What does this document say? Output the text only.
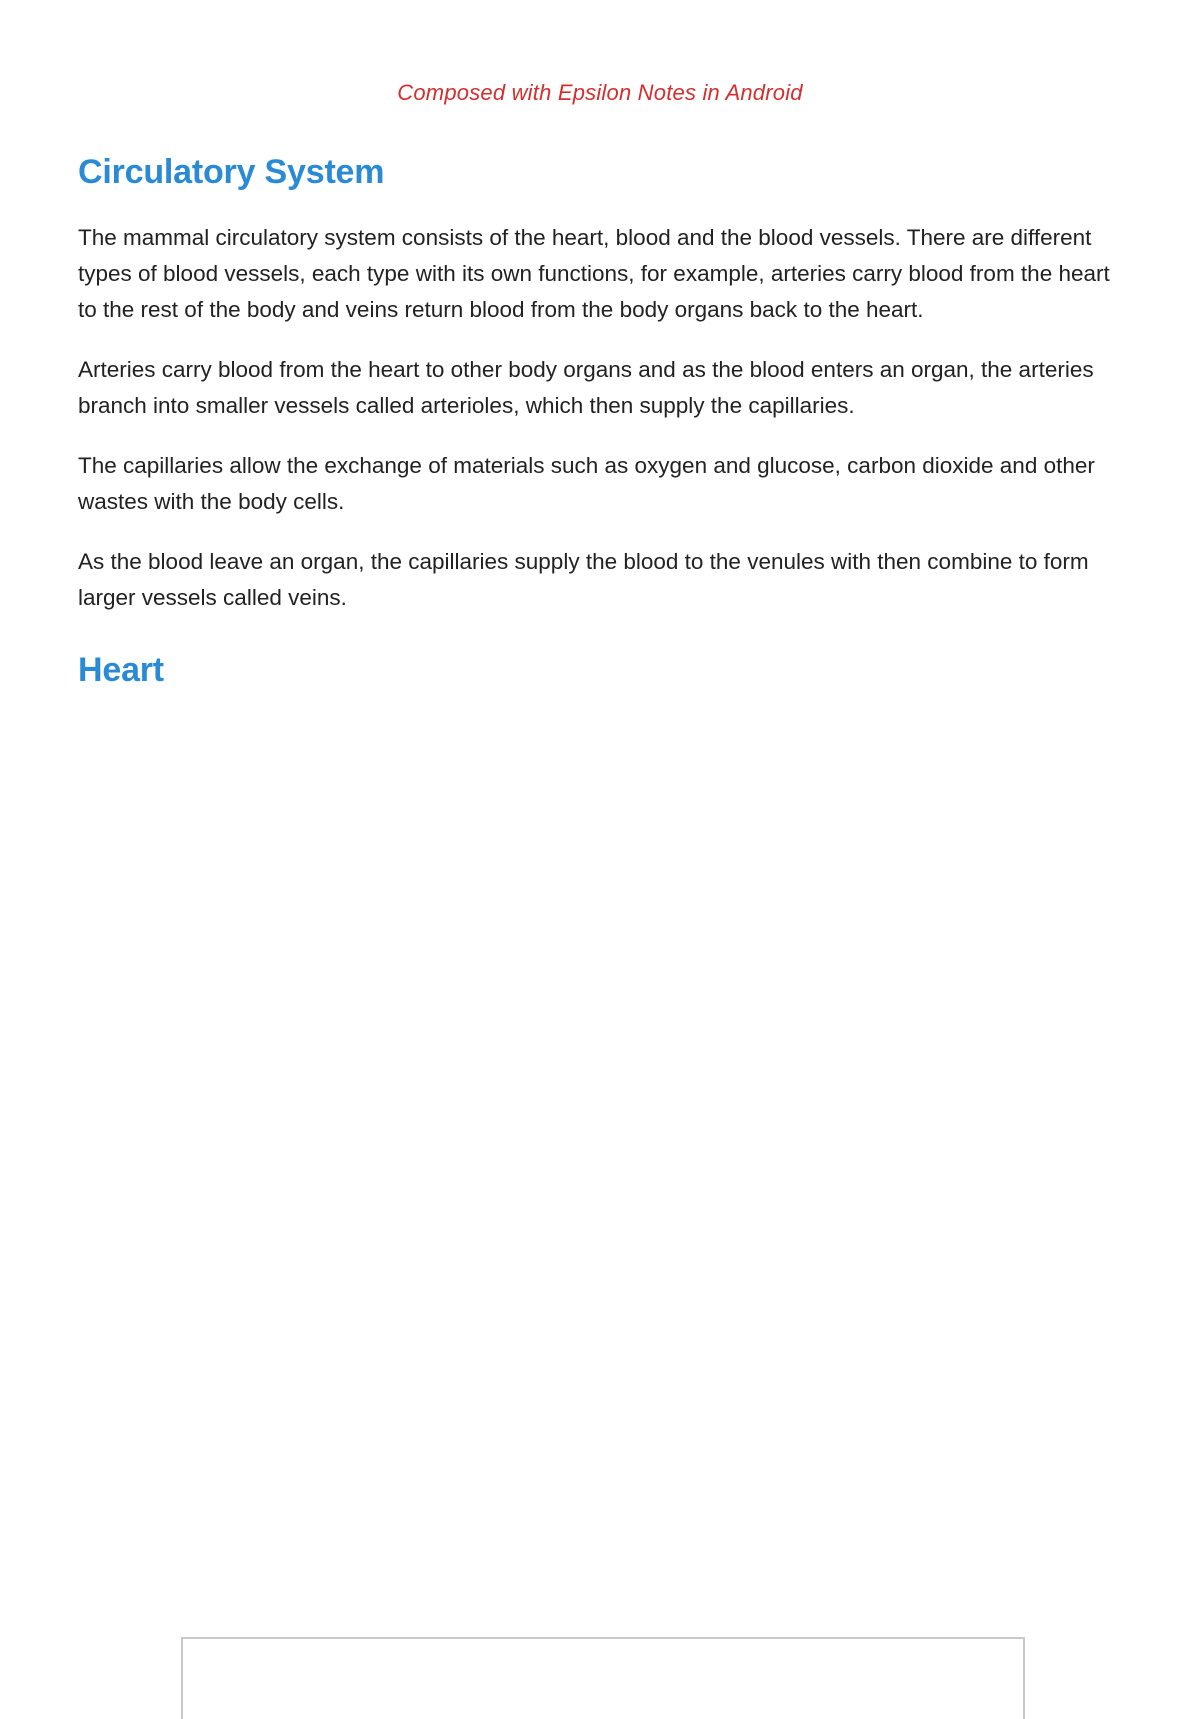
Composed with Epsilon Notes in Android
Circulatory System

The mammal circulatory system consists of the heart, blood and the blood vessels. There are different types of blood vessels, each type with its own functions, for example, arteries carry blood from the heart to the rest of the body and veins return blood from the body organs back to the heart.

Arteries carry blood from the heart to other body organs and as the blood enters an organ, the arteries branch into smaller vessels called arterioles, which then supply the capillaries.

The capillaries allow the exchange of materials such as oxygen and glucose, carbon dioxide and other wastes with the body cells.

As the blood leave an organ, the capillaries supply the blood to the venules with then combine to form larger vessels called veins.

Heart
